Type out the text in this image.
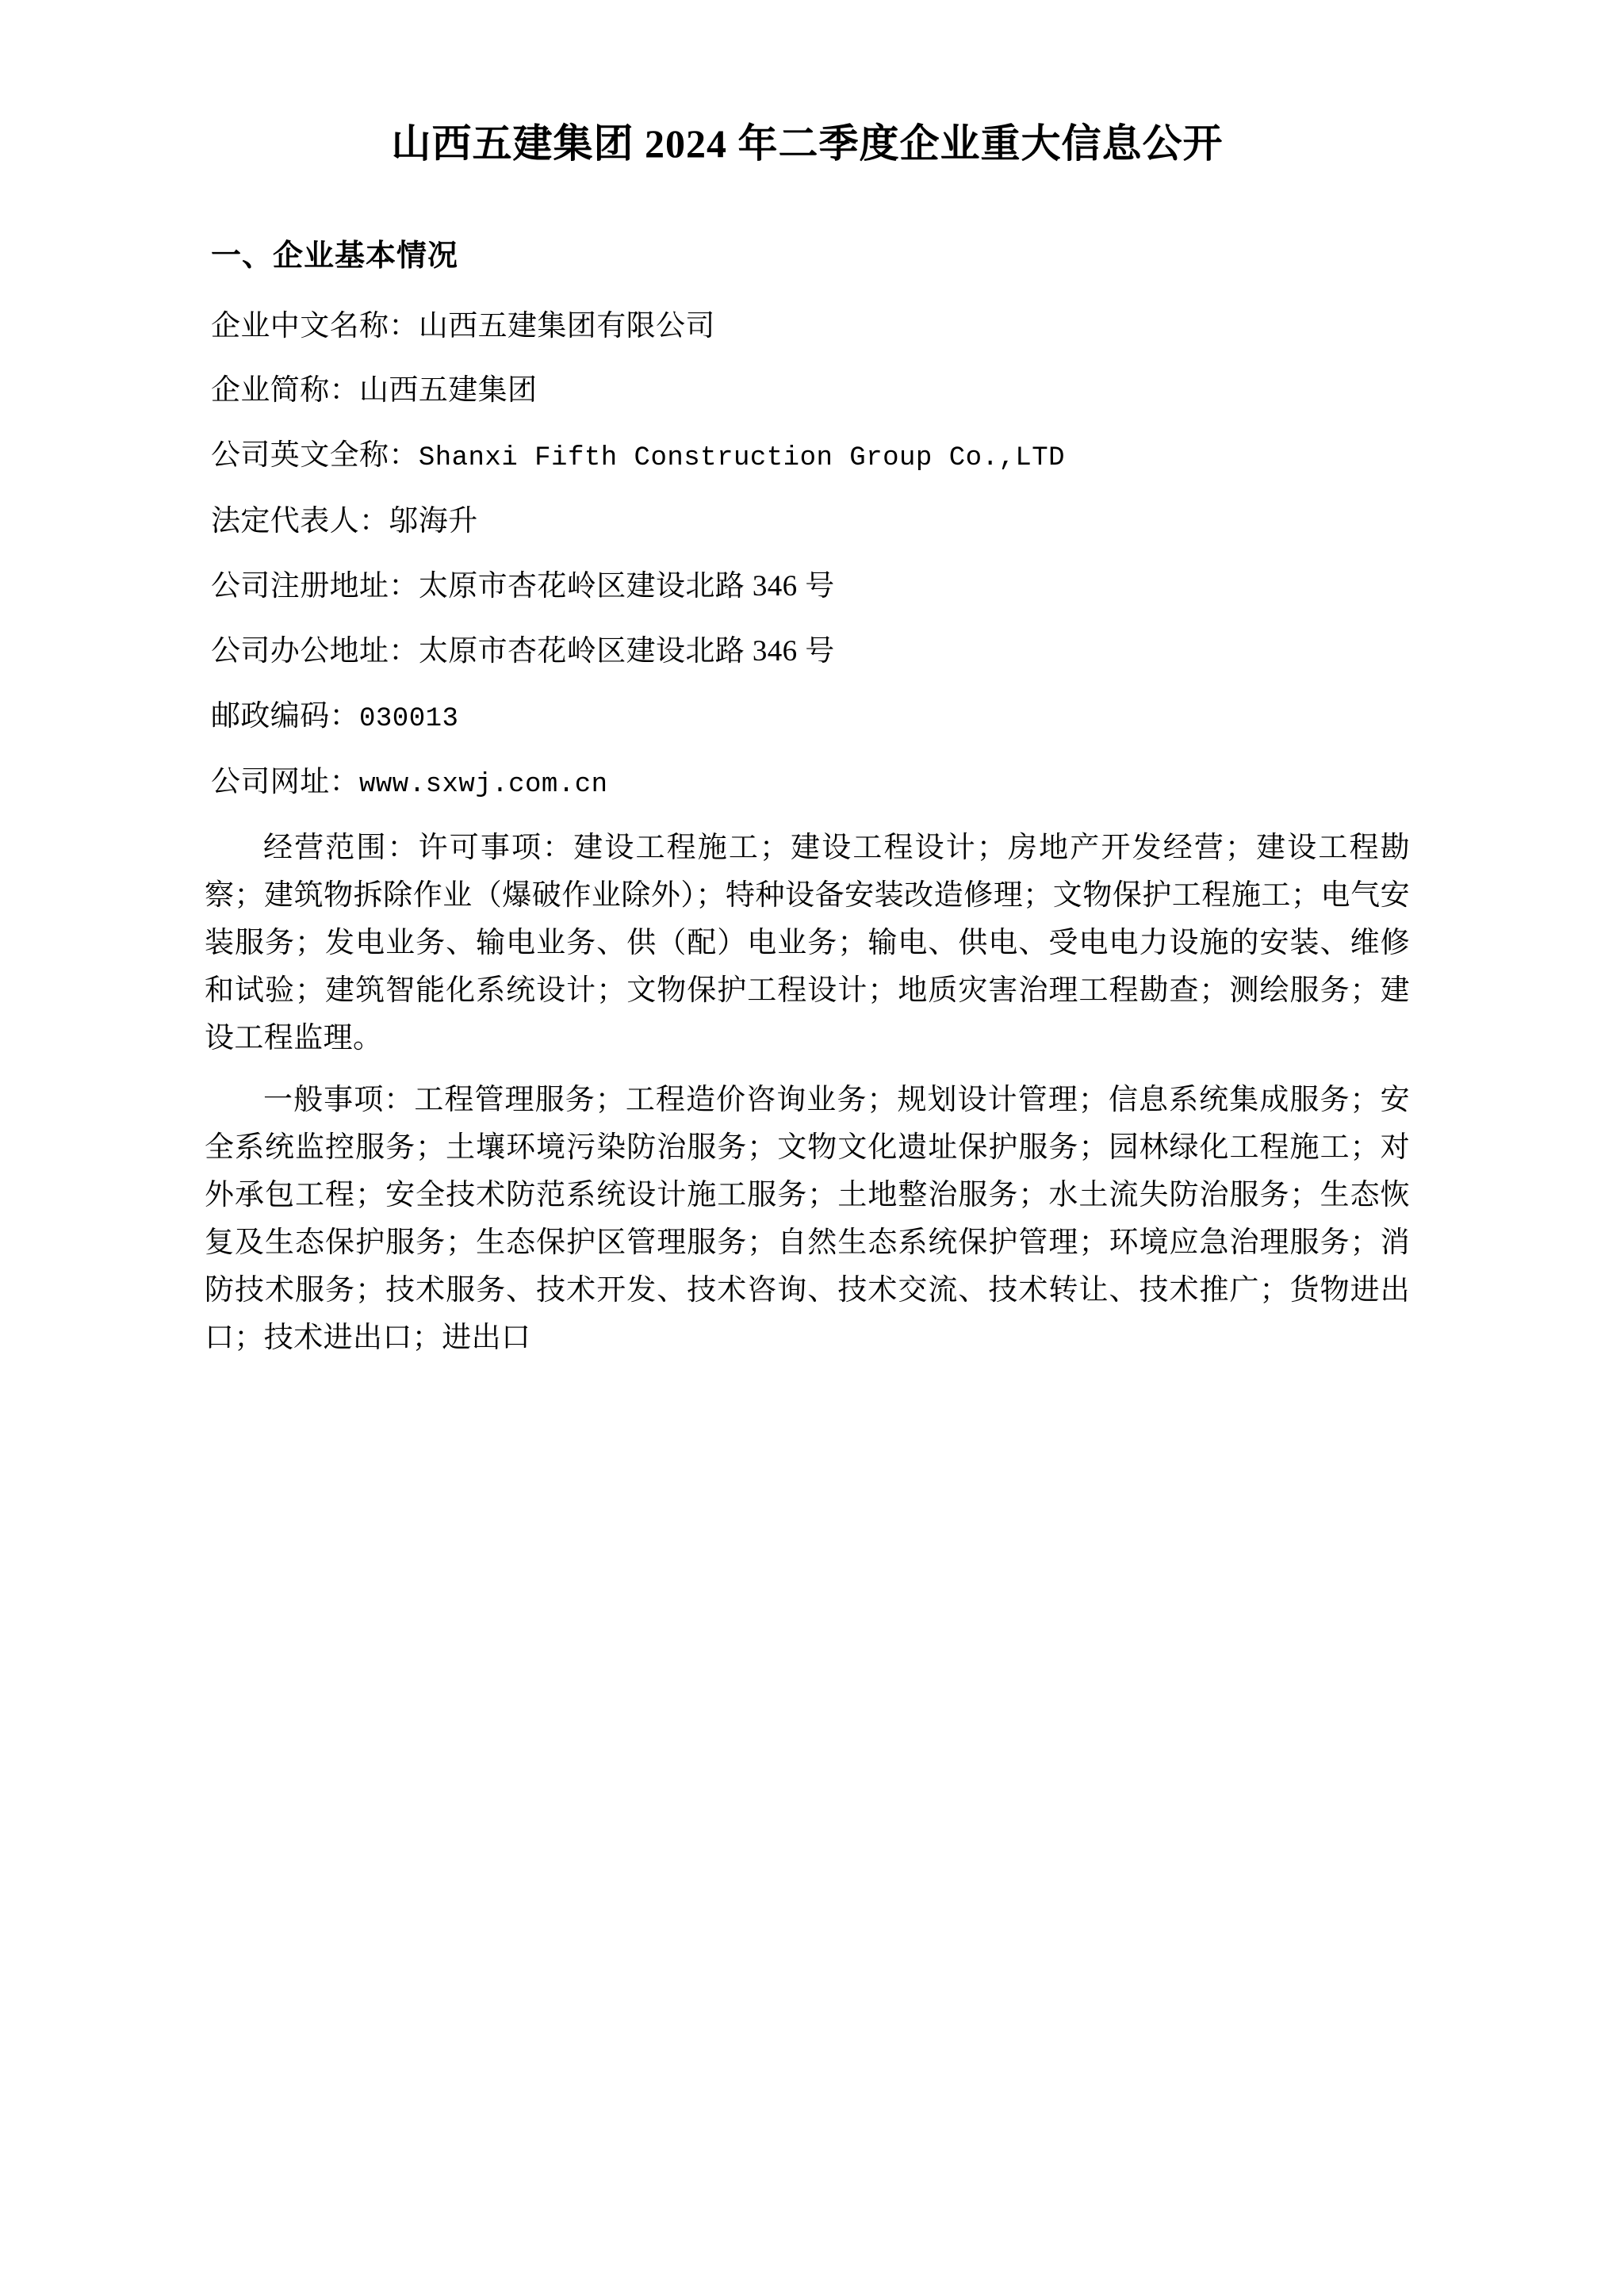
山西五建集团 2024 年二季度企业重大信息公开
一、企业基本情况

企业中文名称：山西五建集团有限公司

企业简称：山西五建集团

公司英文全称：Shanxi Fifth Construction Group Co.,LTD

法定代表人：邬海升

公司注册地址：太原市杏花岭区建设北路 346 号

公司办公地址：太原市杏花岭区建设北路 346 号

邮政编码：030013

公司网址：www.sxwj.com.cn

经营范围：许可事项：建设工程施工；建设工程设计；房地产开发经营；建设工程勘察；建筑物拆除作业（爆破作业除外）；特种设备安装改造修理；文物保护工程施工；电气安装服务；发电业务、输电业务、供（配）电业务；输电、供电、受电电力设施的安装、维修和试验；建筑智能化系统设计；文物保护工程设计；地质灾害治理工程勘查；测绘服务；建设工程监理。

一般事项：工程管理服务；工程造价咨询业务；规划设计管理；信息系统集成服务；安全系统监控服务；土壤环境污染防治服务；文物文化遗址保护服务；园林绿化工程施工；对外承包工程；安全技术防范系统设计施工服务；土地整治服务；水土流失防治服务；生态恢复及生态保护服务；生态保护区管理服务；自然生态系统保护管理；环境应急治理服务；消防技术服务；技术服务、技术开发、技术咨询、技术交流、技术转让、技术推广；货物进出口；技术进出口；进出口
